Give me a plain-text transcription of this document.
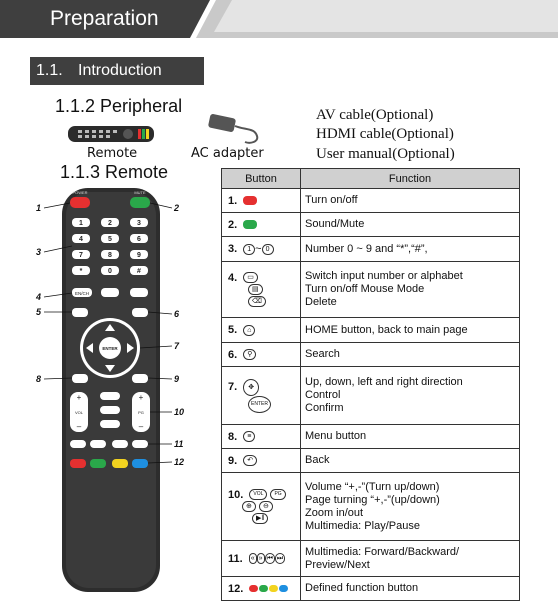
Preparation
1.1. Introduction
1.1.2 Peripheral
Remote	AC adapter
AV cable(Optional)
HDMI cable(Optional)
User manual(Optional)
1.1.3 Remote
POWER	MUTE
1	2	3
4	5	6
7	8	9
*	0	#
EN/CH
ENTER
+
VOL
–
+
PG
–
1	2
3
4
5	6
7
8	9
10
11
12
Button	Function
1.	Turn on/off

2.	Sound/Mute

3. 1 ~ 0	Number 0 ~ 9 and “*”,“#”,

4. ▭
▤
⌫	Switch input number or alphabet
Turn on/off Mouse Mode
Delete

5. ⌂	HOME button, back to main page

6. ⚲	Search

7. ✥
ENTER	Up, down, left and right direction
Control
Confirm

8. ≡	Menu button

9. ↶	Back

10. VOL PG
⊕ ⊖
▶‖	Volume “+,-”(Turn up/down)
Page turning “+,-”(up/down)
Zoom in/out
Multimedia: Play/Pause

11. « » ⏮ ⏭	Multimedia: Forward/Backward/
Preview/Next

12.	Defined function button
